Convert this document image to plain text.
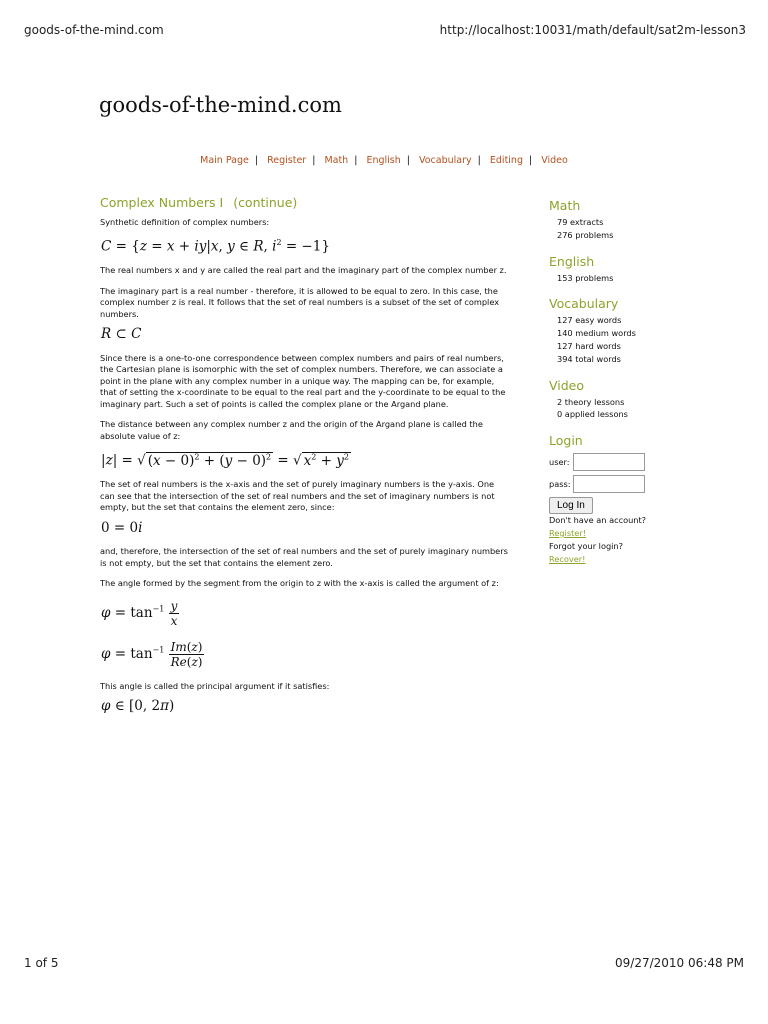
goods-of-the-mind.com	http://localhost:10031/math/default/sat2m-lesson3
goods-of-the-mind.com
Main Page | Register | Math | English | Vocabulary | Editing | Video
Complex Numbers I (continue)

Synthetic definition of complex numbers:

C = {z = x + iy|x, y ∈ R, $i^2 = -1$}

The real numbers x and y are called the real part and the imaginary part of the complex number z.

The imaginary part is a real number - therefore, it is allowed to be equal to zero. In this case, the complex number z is real. It follows that the set of real numbers is a subset of the set of complex numbers.

R ⊂ C

Since there is a one-to-one correspondence between complex numbers and pairs of real numbers, the Cartesian plane is isomorphic with the set of complex numbers. Therefore, we can associate a point in the plane with any complex number in a unique way. The mapping can be, for example, that of setting the x-coordinate to be equal to the real part and the y-coordinate to be equal to the imaginary part. Such a set of points is called the complex plane or the Argand plane.

The distance between any complex number z and the origin of the Argand plane is called the absolute value of z:

|z| = √ $(x - 0)^2 + (y - 0)^2$ = √ $x^2 + y^2$

The set of real numbers is the x-axis and the set of purely imaginary numbers is the y-axis. One can see that the intersection of the set of real numbers and the set of imaginary numbers is not empty, but the set that contains the element zero, since:

0 = 0i

and, therefore, the intersection of the set of real numbers and the set of purely imaginary numbers is not empty, but the set that contains the element zero.

The angle formed by the segment from the origin to z with the x-axis is called the argument of z:

$\varphi = \tan^{-1} \frac{y}{x}$
$\varphi = \tan^{-1} \frac{Im(z)}{Re(z)}$

This angle is called the principal argument if it satisfies:

φ ∈ [0, 2π)
Math
79 extracts
276 problems
English
153 problems
Vocabulary
127 easy words
140 medium words
127 hard words
394 total words
Video
2 theory lessons
0 applied lessons
Login
user:
pass:
Log In
Don't have an account?
Register!
Forgot your login?
Recover!
1 of 5	09/27/2010 06:48 PM
